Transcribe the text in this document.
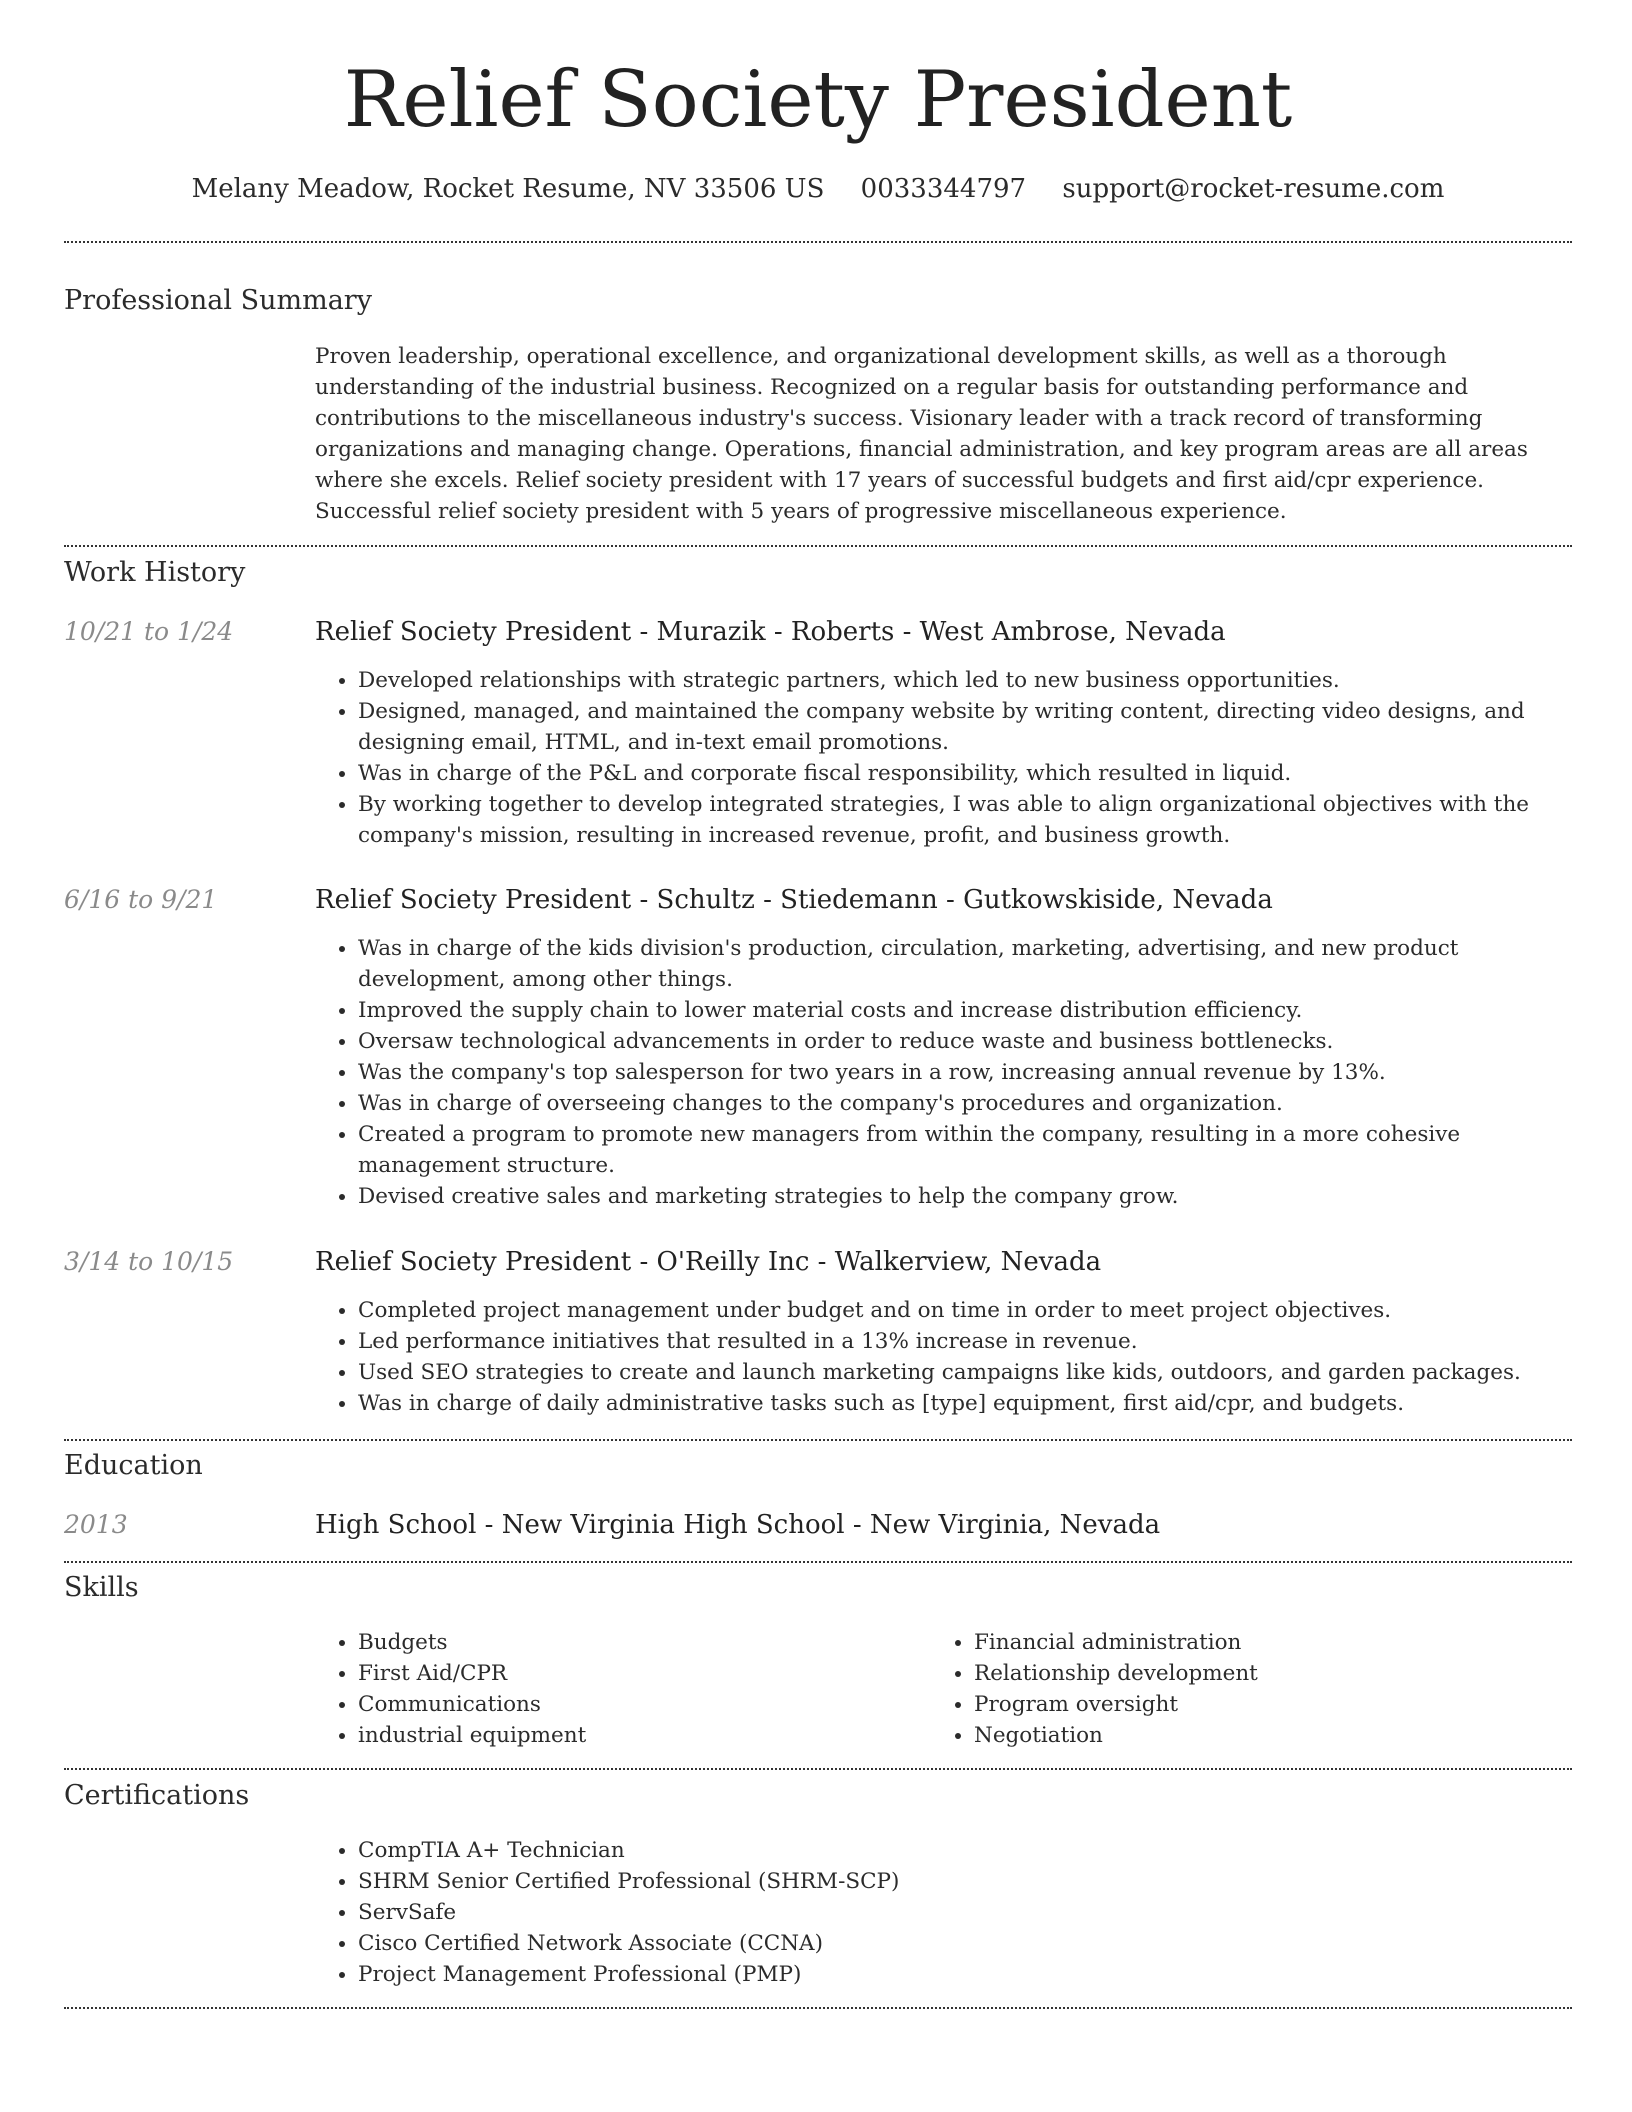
Relief Society President
Melany Meadow, Rocket Resume, NV 33506 US 0033344797 support@rocket-resume.com
Professional Summary
Proven leadership, operational excellence, and organizational development skills, as well as a thorough understanding of the industrial business. Recognized on a regular basis for outstanding performance and contributions to the miscellaneous industry's success. Visionary leader with a track record of transforming organizations and managing change. Operations, financial administration, and key program areas are all areas where she excels. Relief society president with 17 years of successful budgets and first aid/cpr experience. Successful relief society president with 5 years of progressive miscellaneous experience.
Work History
10/21 to 1/24	Relief Society President - Murazik - Roberts - West Ambrose, Nevada
• Developed relationships with strategic partners, which led to new business opportunities.
• Designed, managed, and maintained the company website by writing content, directing video designs, and designing email, HTML, and in-text email promotions.
• Was in charge of the P&L and corporate fiscal responsibility, which resulted in liquid.
• By working together to develop integrated strategies, I was able to align organizational objectives with the company's mission, resulting in increased revenue, profit, and business growth.
6/16 to 9/21	Relief Society President - Schultz - Stiedemann - Gutkowskiside, Nevada
• Was in charge of the kids division's production, circulation, marketing, advertising, and new product development, among other things.
• Improved the supply chain to lower material costs and increase distribution efficiency.
• Oversaw technological advancements in order to reduce waste and business bottlenecks.
• Was the company's top salesperson for two years in a row, increasing annual revenue by 13%.
• Was in charge of overseeing changes to the company's procedures and organization.
• Created a program to promote new managers from within the company, resulting in a more cohesive management structure.
• Devised creative sales and marketing strategies to help the company grow.
3/14 to 10/15	Relief Society President - O'Reilly Inc - Walkerview, Nevada
• Completed project management under budget and on time in order to meet project objectives.
• Led performance initiatives that resulted in a 13% increase in revenue.
• Used SEO strategies to create and launch marketing campaigns like kids, outdoors, and garden packages.
• Was in charge of daily administrative tasks such as [type] equipment, first aid/cpr, and budgets.
Education
2013	High School - New Virginia High School - New Virginia, Nevada
Skills
• Budgets
• First Aid/CPR
• Communications
• industrial equipment
• Financial administration
• Relationship development
• Program oversight
• Negotiation
Certifications
• CompTIA A+ Technician
• SHRM Senior Certified Professional (SHRM-SCP)
• ServSafe
• Cisco Certified Network Associate (CCNA)
• Project Management Professional (PMP)
